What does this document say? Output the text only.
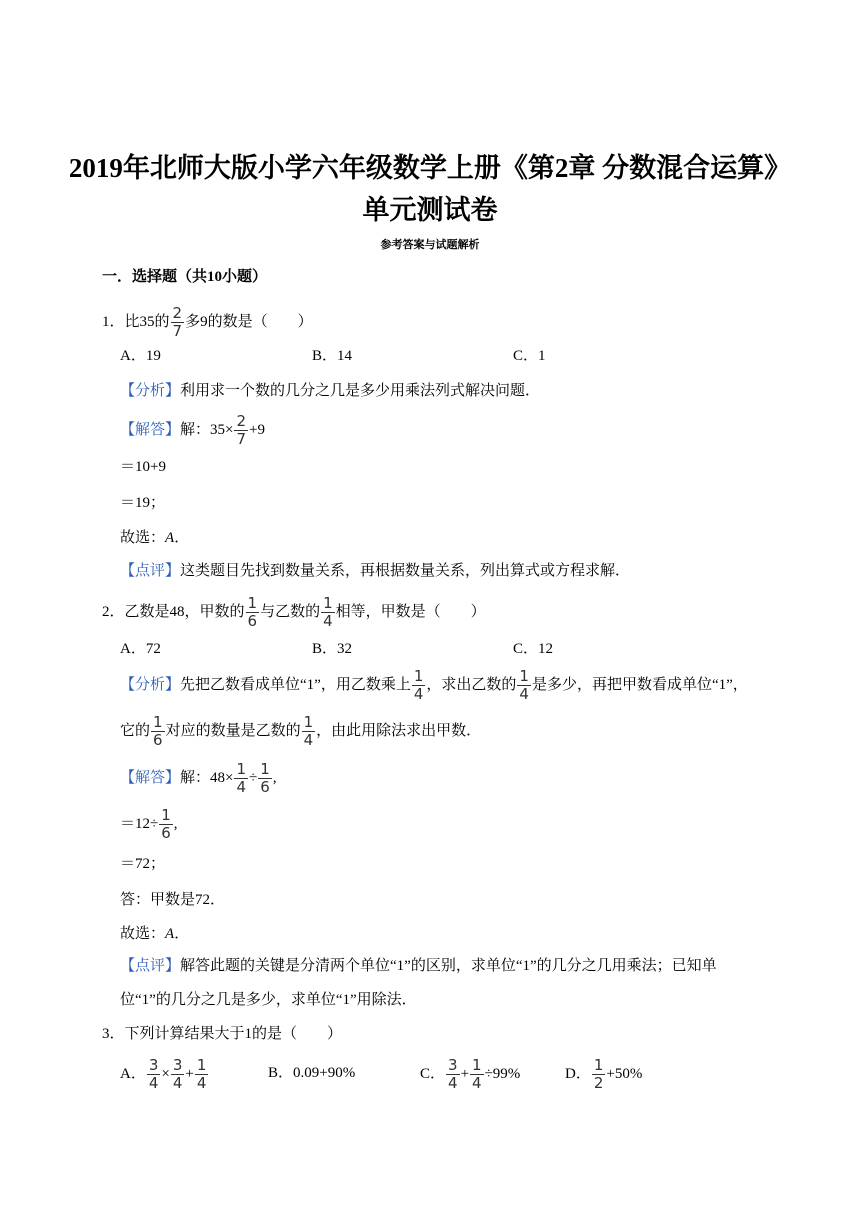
2019年北师大版小学六年级数学上册《第2章 分数混合运算》
单元测试卷
参考答案与试题解析
一．选择题（共10小题）
1．比35的 $\frac{2}{7}$ 多9的数是（　　）
A．19	B．14	C．1
【分析】利用求一个数的几分之几是多少用乘法列式解决问题．
【解答】解：$35\times \frac{2}{7} +9$
＝10+9
＝19；
故选：A．
【点评】这类题目先找到数量关系，再根据数量关系，列出算式或方程求解．
2．乙数是48，甲数的 $\frac{1}{6}$ 与乙数的 $\frac{1}{4}$ 相等，甲数是（　　）
A．72	B．32	C．12
【分析】先把乙数看成单位“1”，用乙数乘上 $\frac{1}{4}$ ，求出乙数的 $\frac{1}{4}$ 是多少，再把甲数看成单位“1”，
它的 $\frac{1}{6}$ 对应的数量是乙数的 $\frac{1}{4}$ ，由此用除法求出甲数．
【解答】解：$48\times \frac{1}{4} \div \frac{1}{6}$ ,
$=12\div \frac{1}{6}$ ,
＝72；
答：甲数是72．
故选：A．
【点评】解答此题的关键是分清两个单位“1”的区别，求单位“1”的几分之几用乘法；已知单
位“1”的几分之几是多少，求单位“1”用除法．
3．下列计算结果大于1的是（　　）
A． $\frac{3}{4} \times \frac{3}{4} + \frac{1}{4}$	B．0.09+90%	C． $\frac{3}{4} + \frac{1}{4} \div 99\%$	D． $\frac{1}{2} +50\%$
